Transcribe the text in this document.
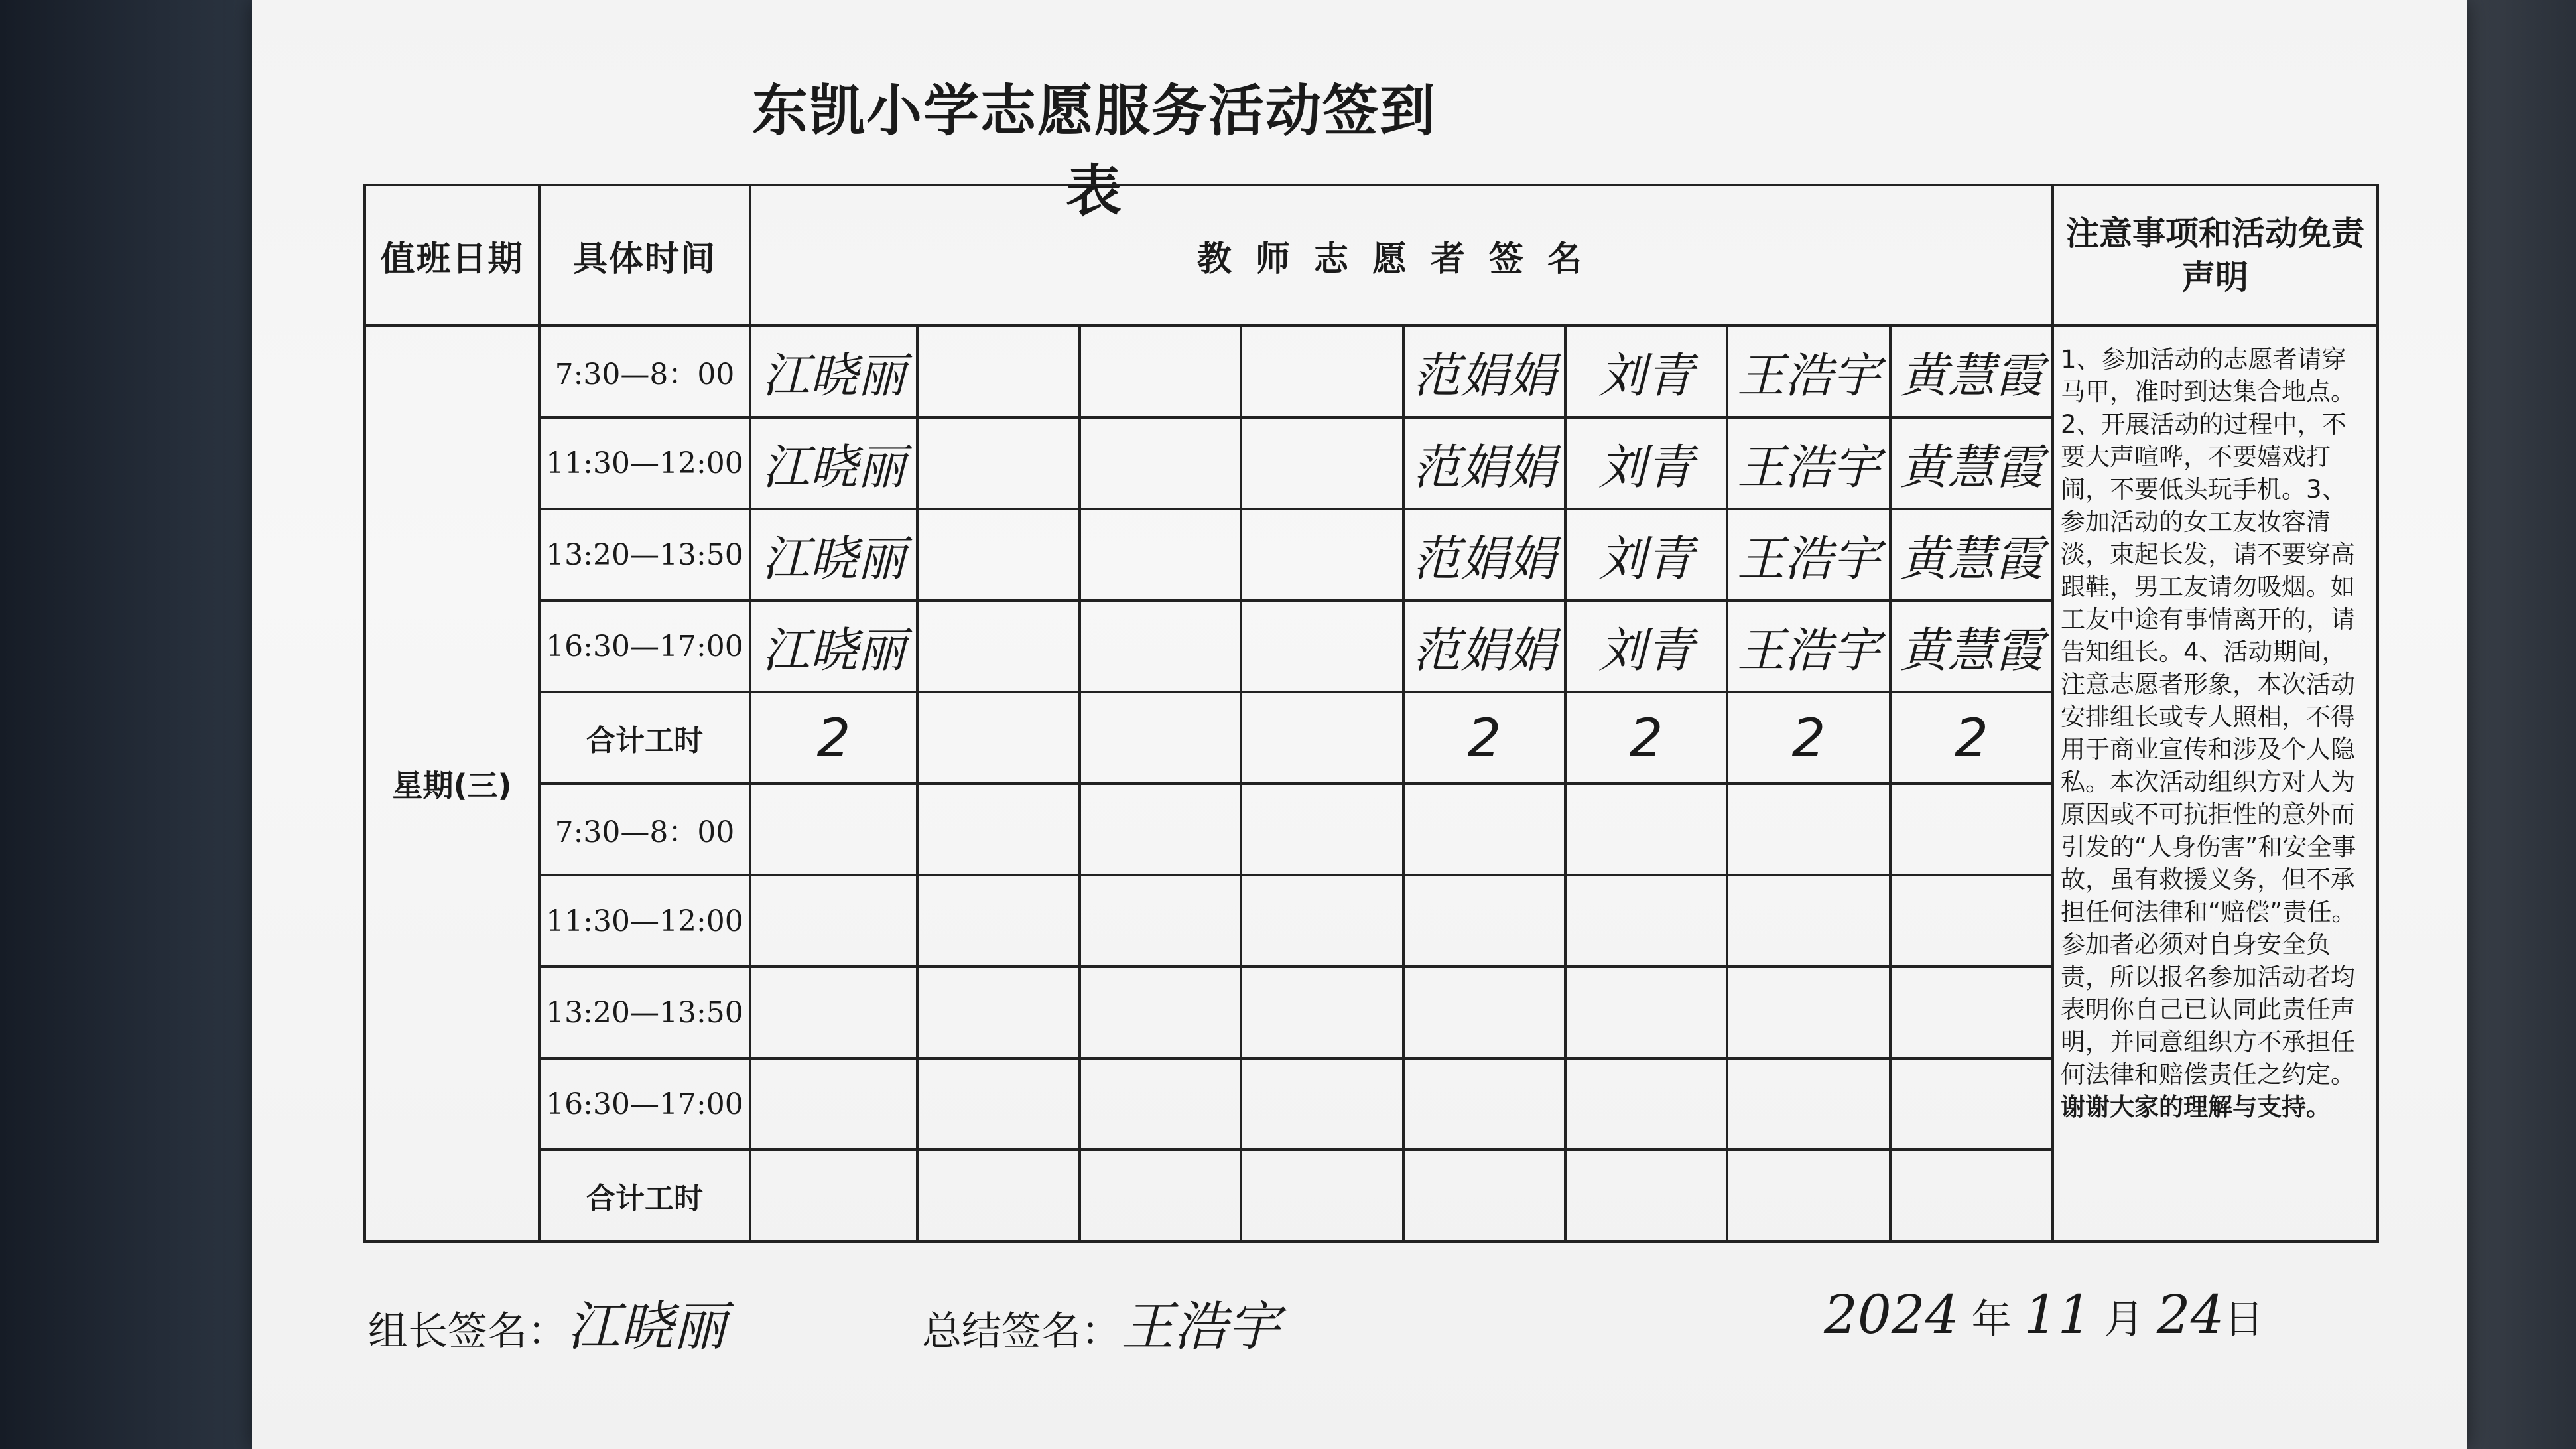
东凯小学志愿服务活动签到表
值班日期	具体时间	教师志愿者签名								注意事项和活动免责声明
星期(三)	7:30—8：00	江晓丽				范娟娟	刘青	王浩宇	黄慧霞	1、参加活动的志愿者请穿马甲，准时到达集合地点。2、开展活动的过程中，不要大声喧哗，不要嬉戏打闹，不要低头玩手机。3、参加活动的女工友妆容清淡，束起长发，请不要穿高跟鞋，男工友请勿吸烟。如工友中途有事情离开的，请告知组长。4、活动期间，注意志愿者形象，本次活动安排组长或专人照相，不得用于商业宣传和涉及个人隐私。本次活动组织方对人为原因或不可抗拒性的意外而引发的“人身伤害”和安全事故，虽有救援义务，但不承担任何法律和“赔偿”责任。参加者必须对自身安全负责，所以报名参加活动者均表明你自己已认同此责任声明，并同意组织方不承担任何法律和赔偿责任之约定。谢谢大家的理解与支持。
	11:30—12:00	江晓丽				范娟娟	刘青	王浩宇	黄慧霞	
	13:20—13:50	江晓丽				范娟娟	刘青	王浩宇	黄慧霞	
	16:30—17:00	江晓丽				范娟娟	刘青	王浩宇	黄慧霞	
	合计工时	2				2	2	2	2	
	7:30—8：00									
	11:30—12:00									
	13:20—13:50									
	16:30—17:00									
	合计工时									
组长签名：江晓丽	总结签名：王浩宇	2024 年 11 月 24日
